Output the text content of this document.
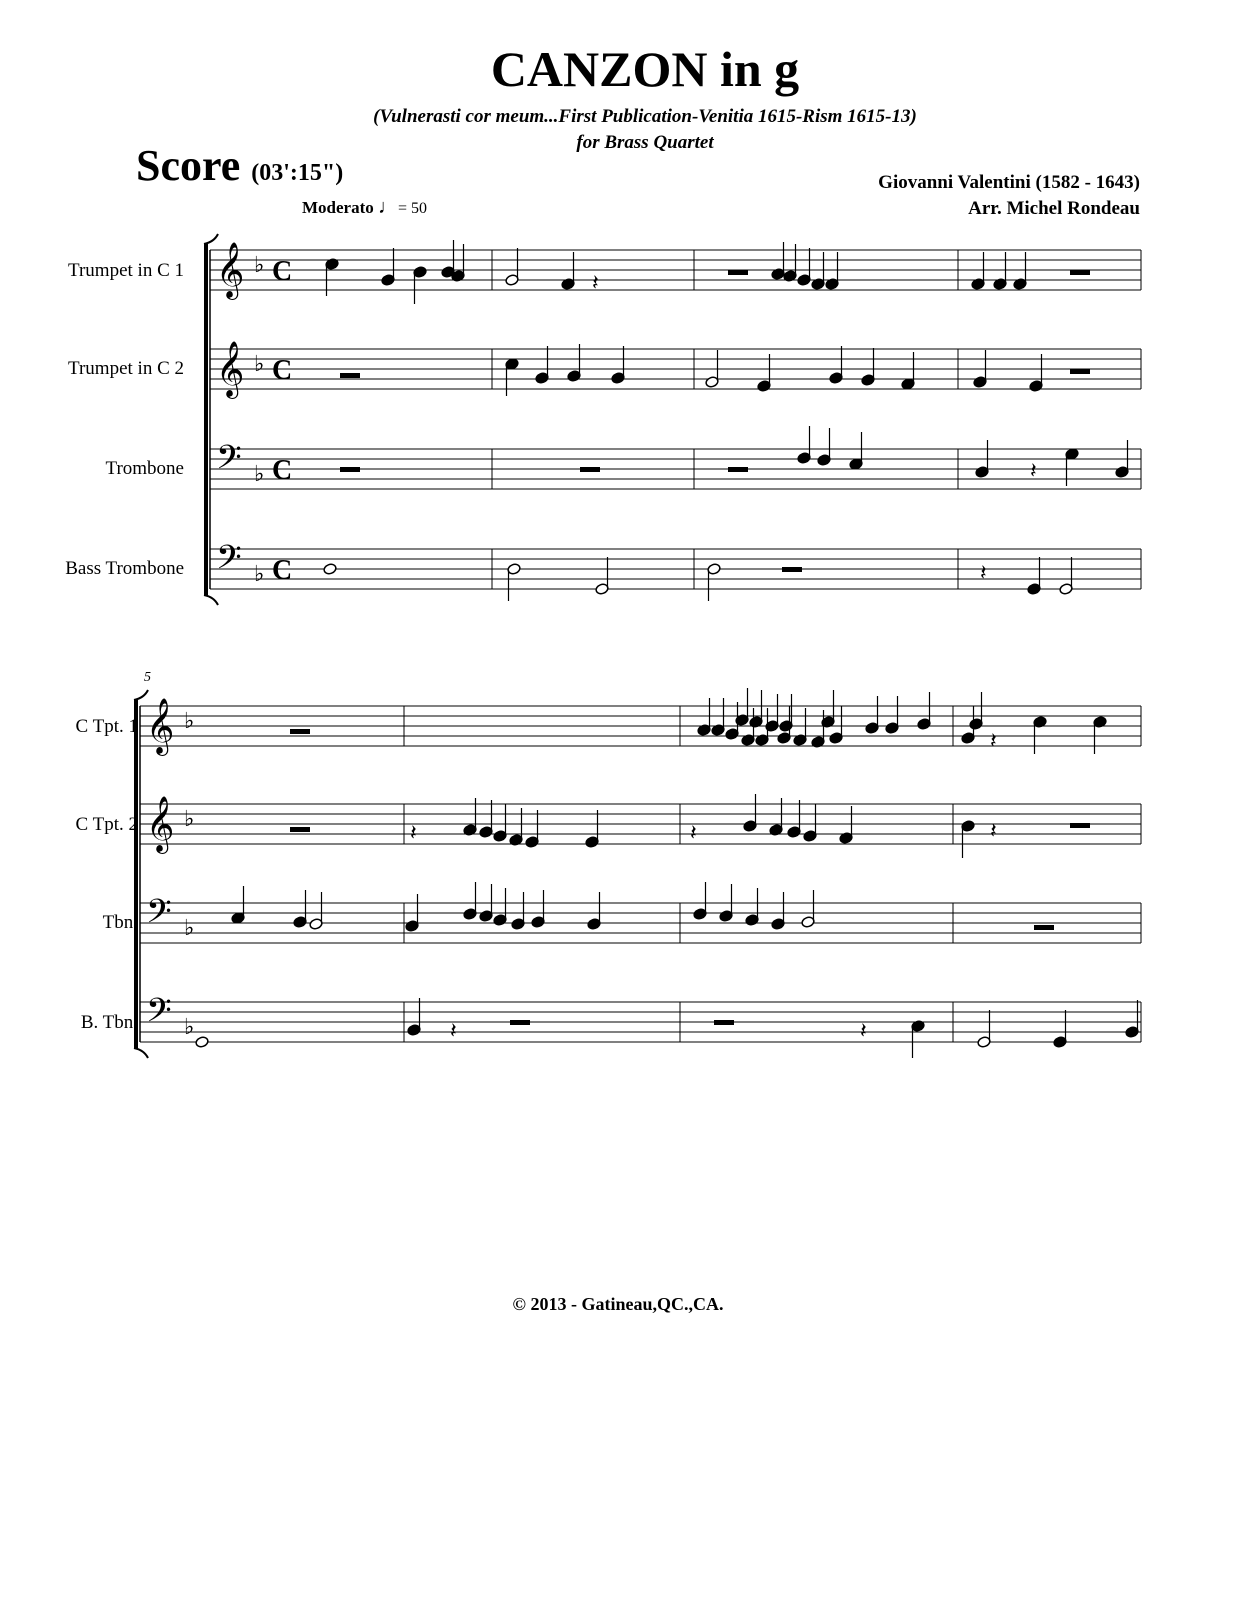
CANZON in g
(Vulnerasti cor meum...First Publication-Venitia 1615-Rism 1615-13)
for Brass Quartet
Score (03':15")	Giovanni Valentini (1582 - 1643)
Arr. Michel Rondeau
Moderato ♩= 50
Trumpet in C 1
Trumpet in C 2
Trombone
Bass Trombone
5
C Tpt. 1
C Tpt. 2
Tbn.
B. Tbn.
𝄞 ♭
𝄞 ♭
𝄢 ♭
𝄢 ♭
𝄞 ♭
𝄞 ♭
𝄢 ♭
𝄢 ♭
C
C
C
C
𝄽
𝄽
𝄽
𝄽
𝄽	𝄽	𝄽
𝄽	𝄽
© 2013 - Gatineau,QC.,CA.
